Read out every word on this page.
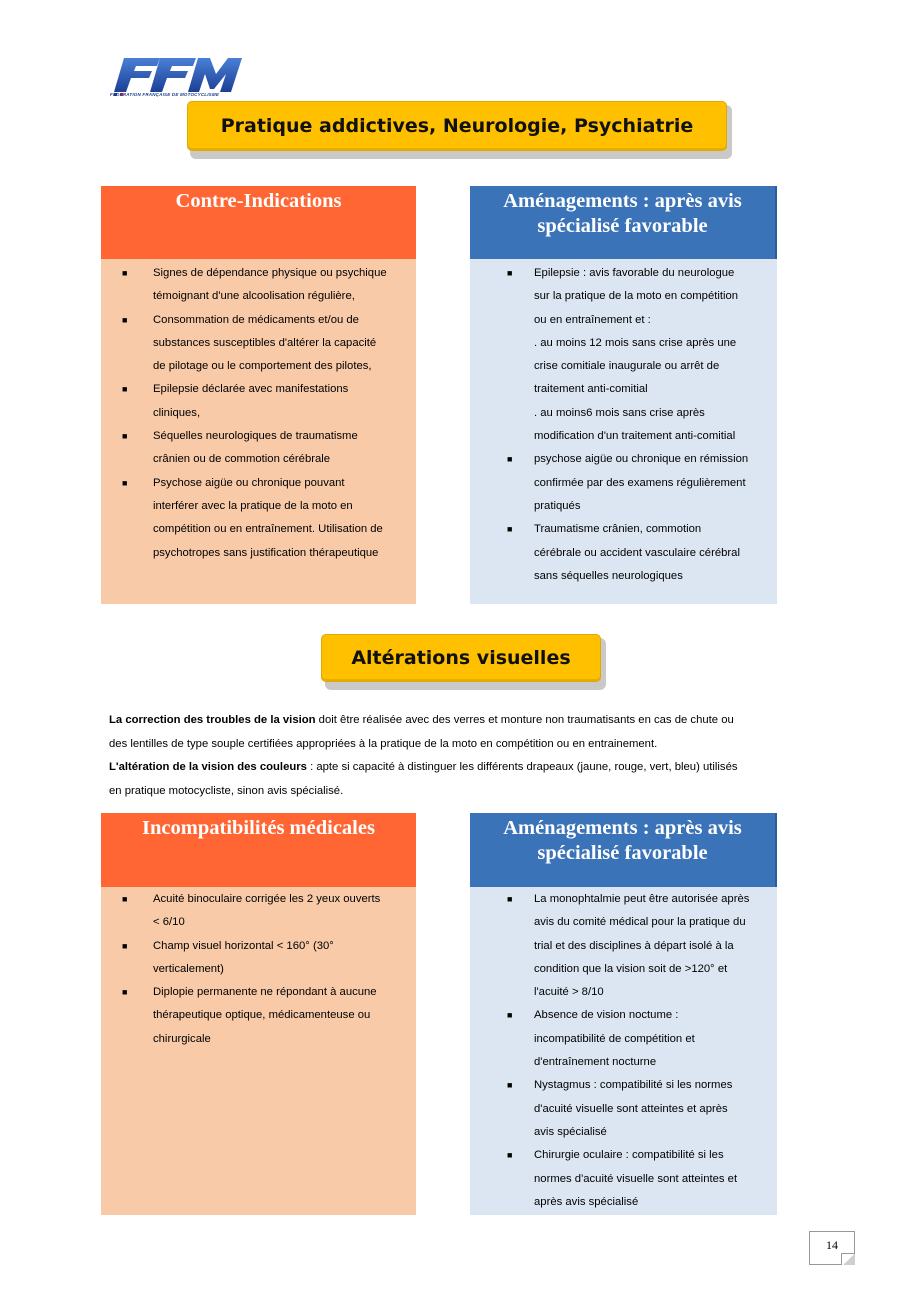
FEDERATION FRANÇAISE DE MOTOCYCLISME
Pratique addictives, Neurologie, Psychiatrie
Contre-Indications	Aménagements : après avis spécialisé favorable
■ Signes de dépendance physique ou psychique
témoignant d'une alcoolisation régulière,
■ Consommation de médicaments et/ou de
substances susceptibles d'altérer la capacité
de pilotage ou le comportement des pilotes,
■ Epilepsie déclarée avec manifestations
cliniques,
■ Séquelles neurologiques de traumatisme
crânien ou de commotion cérébrale
■ Psychose aigüe ou chronique pouvant
interférer avec la pratique de la moto en
compétition ou en entraînement. Utilisation de
psychotropes sans justification thérapeutique
■ Epilepsie : avis favorable du neurologue
sur la pratique de la moto en compétition
ou en entraînement et :
. au moins 12 mois sans crise après une
crise comitiale inaugurale ou arrêt de
traitement anti-comitial
. au moins6 mois sans crise après
modification d'un traitement anti-comitial
■ psychose aigüe ou chronique en rémission
confirmée par des examens régulièrement
pratiqués
■ Traumatisme crânien, commotion
cérébrale ou accident vasculaire cérébral
sans séquelles neurologiques
Altérations visuelles
La correction des troubles de la vision doit être réalisée avec des verres et monture non traumatisants en cas de chute ou
des lentilles de type souple certifiées appropriées à la pratique de la moto en compétition ou en entrainement.
L'altération de la vision des couleurs : apte si capacité à distinguer les différents drapeaux (jaune, rouge, vert, bleu) utilisés
en pratique motocycliste, sinon avis spécialisé.
Incompatibilités médicales	Aménagements : après avis spécialisé favorable
■ Acuité binoculaire corrigée les 2 yeux ouverts
< 6/10
■ Champ visuel horizontal < 160° (30°
verticalement)
■ Diplopie permanente ne répondant à aucune
thérapeutique optique, médicamenteuse ou
chirurgicale
■ La monophtalmie peut être autorisée après
avis du comité médical pour la pratique du
trial et des disciplines à départ isolé à la
condition que la vision soit de >120° et
l'acuité > 8/10
■ Absence de vision noctume :
incompatibilité de compétition et
d'entraînement nocturne
■ Nystagmus : compatibilité si les normes
d'acuité visuelle sont atteintes et après
avis spécialisé
■ Chirurgie oculaire : compatibilité si les
normes d'acuité visuelle sont atteintes et
après avis spécialisé
14
